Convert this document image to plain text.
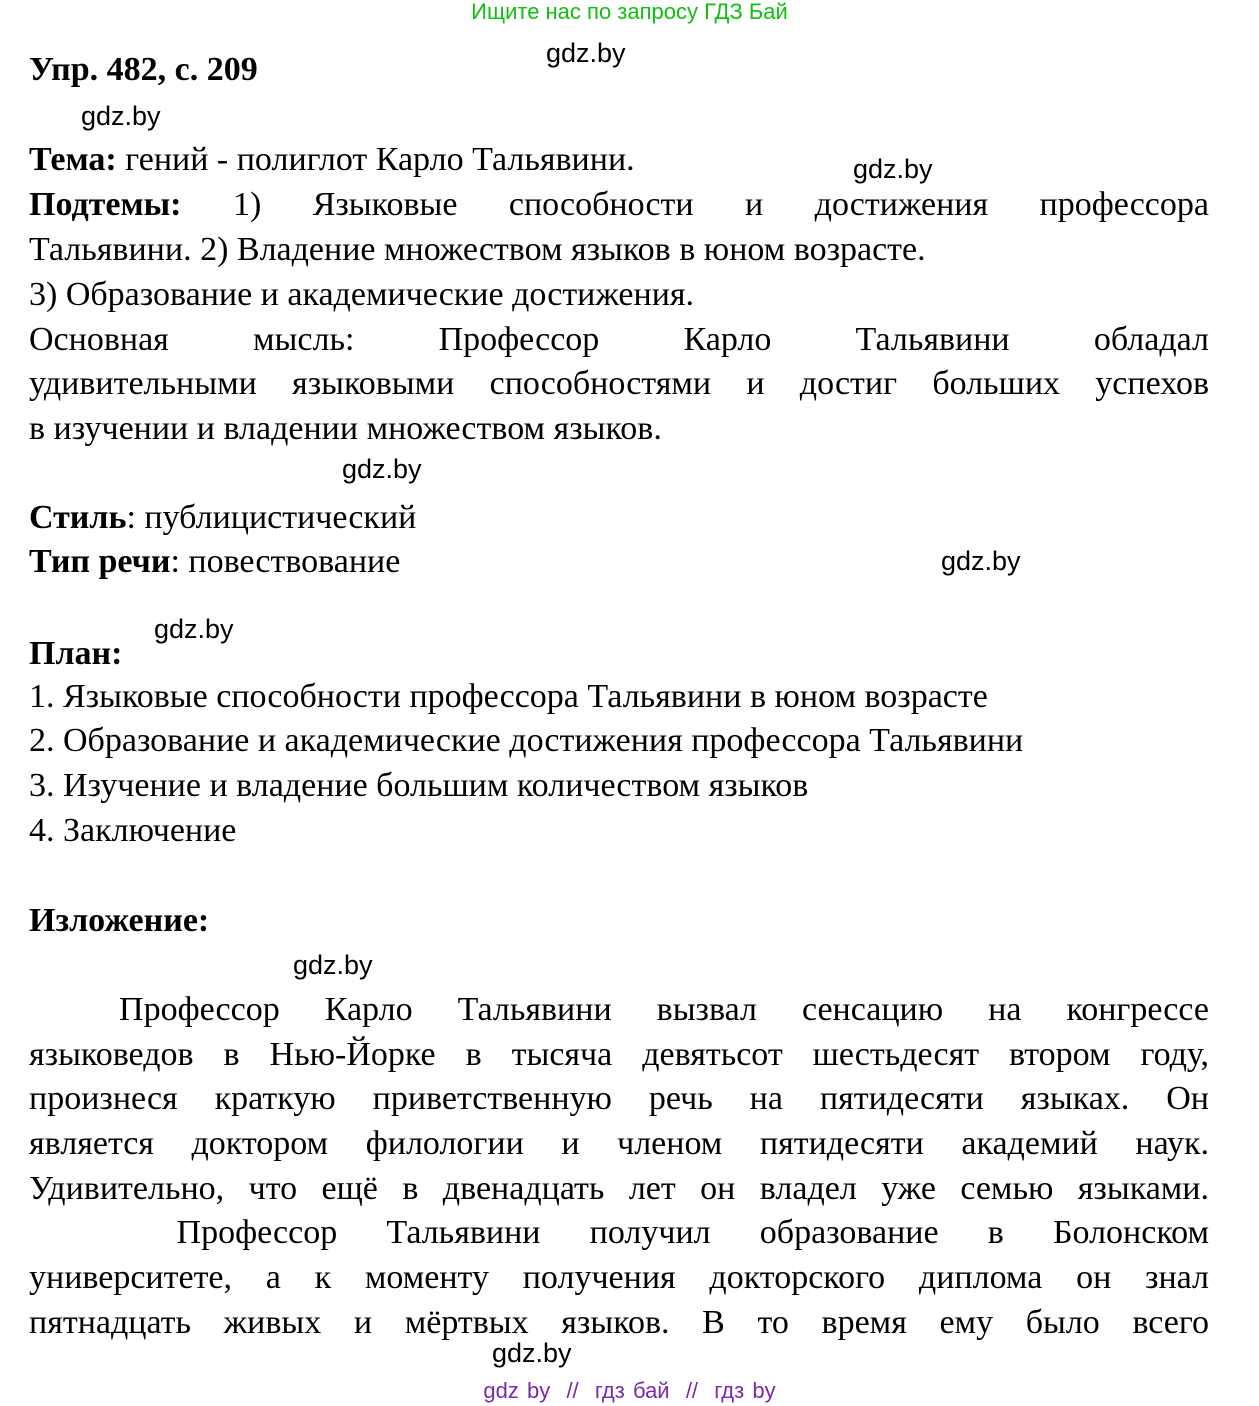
Ищите нас по запросу ГДЗ Бай
gdz.by
gdz.by
gdz.by
gdz.by
gdz.by
gdz.by
gdz.by
gdz.by
Упр. 482, с. 209
Тема: гений - полиглот Карло Тальявини.
Подтемы: 1) Языковые способности и достижения профессора
Тальявини. 2) Владение множеством языков в юном возрасте.
3) Образование и академические достижения.
Основная мысль: Профессор Карло Тальявини обладал
удивительными языковыми способностями и достиг больших успехов
в изучении и владении множеством языков.
Стиль: публицистический
Тип речи: повествование
План:
1. Языковые способности профессора Тальявини в юном возрасте
2. Образование и академические достижения профессора Тальявини
3. Изучение и владение большим количеством языков
4. Заключение
Изложение:
Профессор Карло Тальявини вызвал сенсацию на конгрессе
языковедов в Нью-Йорке в тысяча девятьсот шестьдесят втором году,
произнеся краткую приветственную речь на пятидесяти языках. Он
является доктором филологии и членом пятидесяти академий наук.
Удивительно, что ещё в двенадцать лет он владел уже семью языками.
Профессор Тальявини получил образование в Болонском
университете, а к моменту получения докторского диплома он знал
пятнадцать живых и мёртвых языков. В то время ему было всего
gdz by  //  гдз бай  //  гдз by
